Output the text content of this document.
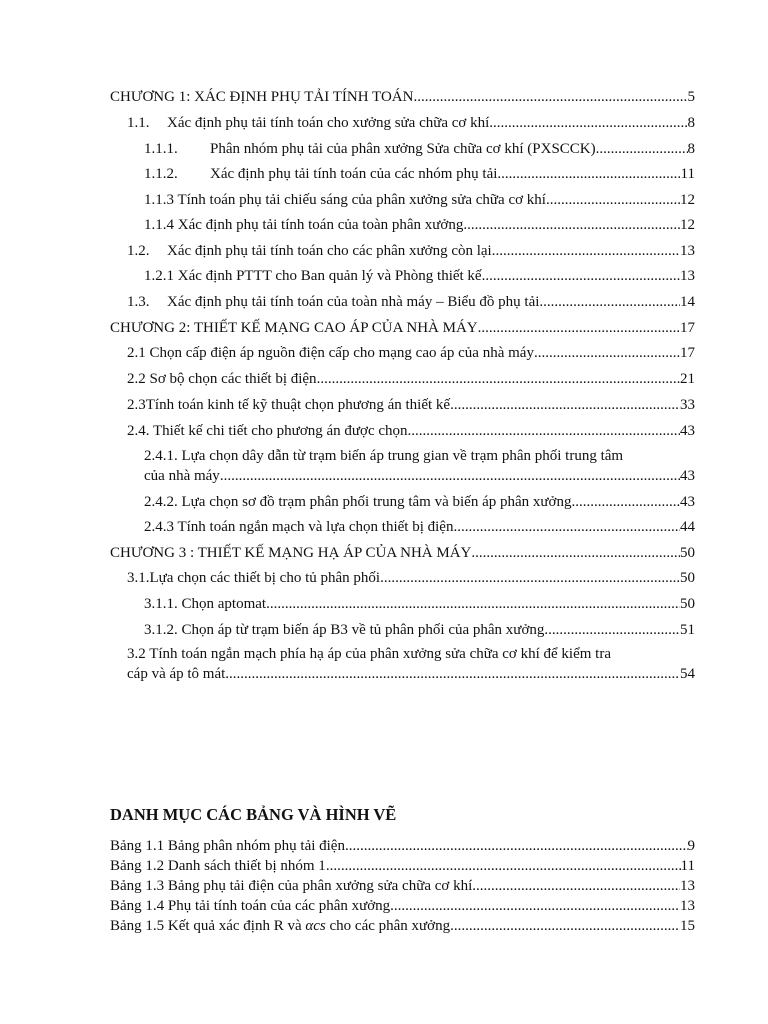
CHƯƠNG 1: XÁC ĐỊNH PHỤ TẢI TÍNH TOÁN .....	5
1.1.	Xác định phụ tải tính toán cho xưởng sửa chữa cơ khí .....	8
1.1.1.	Phân nhóm phụ tải của phân xưởng Sửa chữa cơ khí (PXSCCK) .....	8
1.1.2.	Xác định phụ tải tính toán của các nhóm phụ tải .....	11
1.1.3 Tính toán phụ tải chiếu sáng của phân xưởng sửa chữa cơ khí .....	12
1.1.4 Xác định phụ tải tính toán của toàn phân xưởng .....	12
1.2.	Xác định phụ tải tính toán cho các phân xưởng còn lại .....	13
1.2.1 Xác định PTTT cho Ban quản lý và Phòng thiết kế .....	13
1.3.	Xác định phụ tải tính toán của toàn nhà máy – Biểu đồ phụ tải .....	14
CHƯƠNG 2: THIẾT KẾ MẠNG CAO ÁP CỦA NHÀ MÁY .....	17
2.1 Chọn cấp điện áp nguồn điện cấp cho mạng cao áp của nhà máy .....	17
2.2 Sơ bộ chọn các thiết bị điện .....	21
2.3Tính toán kinh tế kỹ thuật chọn phương án thiết kế .....	33
2.4. Thiết kế chi tiết cho phương án được chọn .....	43
2.4.1. Lựa chọn dây dẫn từ trạm biến áp trung gian về trạm phân phối trung tâm
của nhà máy .....	43
2.4.2. Lựa chọn sơ đồ trạm phân phối trung tâm và biến áp phân xưởng .....	43
2.4.3 Tính toán ngắn mạch và lựa chọn thiết bị điện .....	44
CHƯƠNG 3 : THIẾT KẾ MẠNG HẠ ÁP CỦA NHÀ MÁY .....	50
3.1.Lựa chọn các thiết bị cho tủ phân phối .....	50
3.1.1. Chọn aptomat .....	50
3.1.2. Chọn áp từ trạm biến áp B3 về tủ phân phối của phân xưởng .....	51
3.2 Tính toán ngắn mạch phía hạ áp của phân xưởng sửa chữa cơ khí để kiểm tra
cáp và áp tô mát .....	54
DANH MỤC CÁC BẢNG VÀ HÌNH VẼ
Bảng 1.1 Bảng phân nhóm phụ tải điện .....	9
Bảng 1.2 Danh sách thiết bị nhóm 1 .....	11
Bảng 1.3 Bảng phụ tải điện của phân xưởng sửa chữa cơ khí .....	13
Bảng 1.4 Phụ tải tính toán của các phân xưởng .....	13
Bảng 1.5 Kết quả xác định R và
αcs
cho các phân xưởng .....	15
